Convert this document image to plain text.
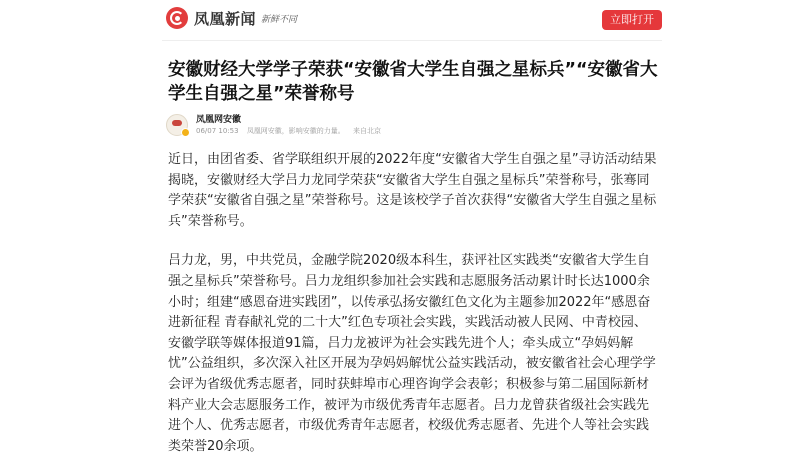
凤凰新闻 新鲜不同	立即打开
安徽财经大学学子荣获“安徽省大学生自强之星标兵”“安徽省大学生自强之星”荣誉称号
凤凰网安徽
06/07 10:53 凤凰网安徽，影响安徽的力量。 来自北京

近日，由团省委、省学联组织开展的2022年度“安徽省大学生自强之星”寻访活动结果揭晓，安徽财经大学吕力龙同学荣获“安徽省大学生自强之星标兵”荣誉称号，张骞同学荣获“安徽省自强之星”荣誉称号。这是该校学子首次获得“安徽省大学生自强之星标兵”荣誉称号。

吕力龙，男，中共党员，金融学院2020级本科生，获评社区实践类“安徽省大学生自强之星标兵”荣誉称号。吕力龙组织参加社会实践和志愿服务活动累计时长达1000余小时；组建“感恩奋进实践团”，以传承弘扬安徽红色文化为主题参加2022年“感恩奋进新征程 青春献礼党的二十大”红色专项社会实践，实践活动被人民网、中青校园、安徽学联等媒体报道91篇，吕力龙被评为社会实践先进个人；牵头成立“孕妈妈解忧”公益组织，多次深入社区开展为孕妈妈解忧公益实践活动，被安徽省社会心理学学会评为省级优秀志愿者，同时获蚌埠市心理咨询学会表彰；积极参与第二届国际新材料产业大会志愿服务工作，被评为市级优秀青年志愿者。吕力龙曾获省级社会实践先进个人、优秀志愿者，市级优秀青年志愿者，校级优秀志愿者、先进个人等社会实践类荣誉20余项。
